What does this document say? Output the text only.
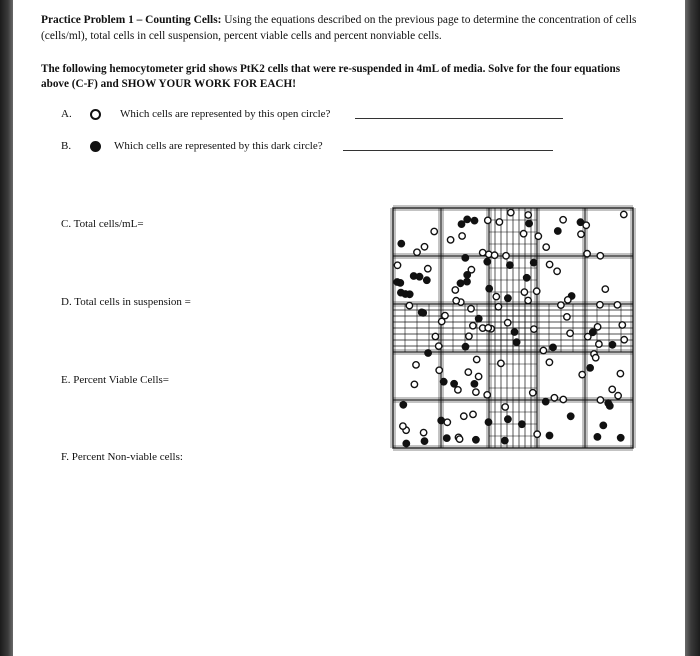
Practice Problem 1 – Counting Cells: Using the equations described on the previous page to determine the concentration of cells (cells/ml), total cells in cell suspension, percent viable cells and percent nonviable cells.
The following hemocytometer grid shows PtK2 cells that were re-suspended in 4mL of media. Solve for the four equations above (C-F) and SHOW YOUR WORK FOR EACH!
A.	Which cells are represented by this open circle?
B.	Which cells are represented by this dark circle?
C. Total cells/mL=
D. Total cells in suspension =
E. Percent Viable Cells=
F. Percent Non-viable cells:
